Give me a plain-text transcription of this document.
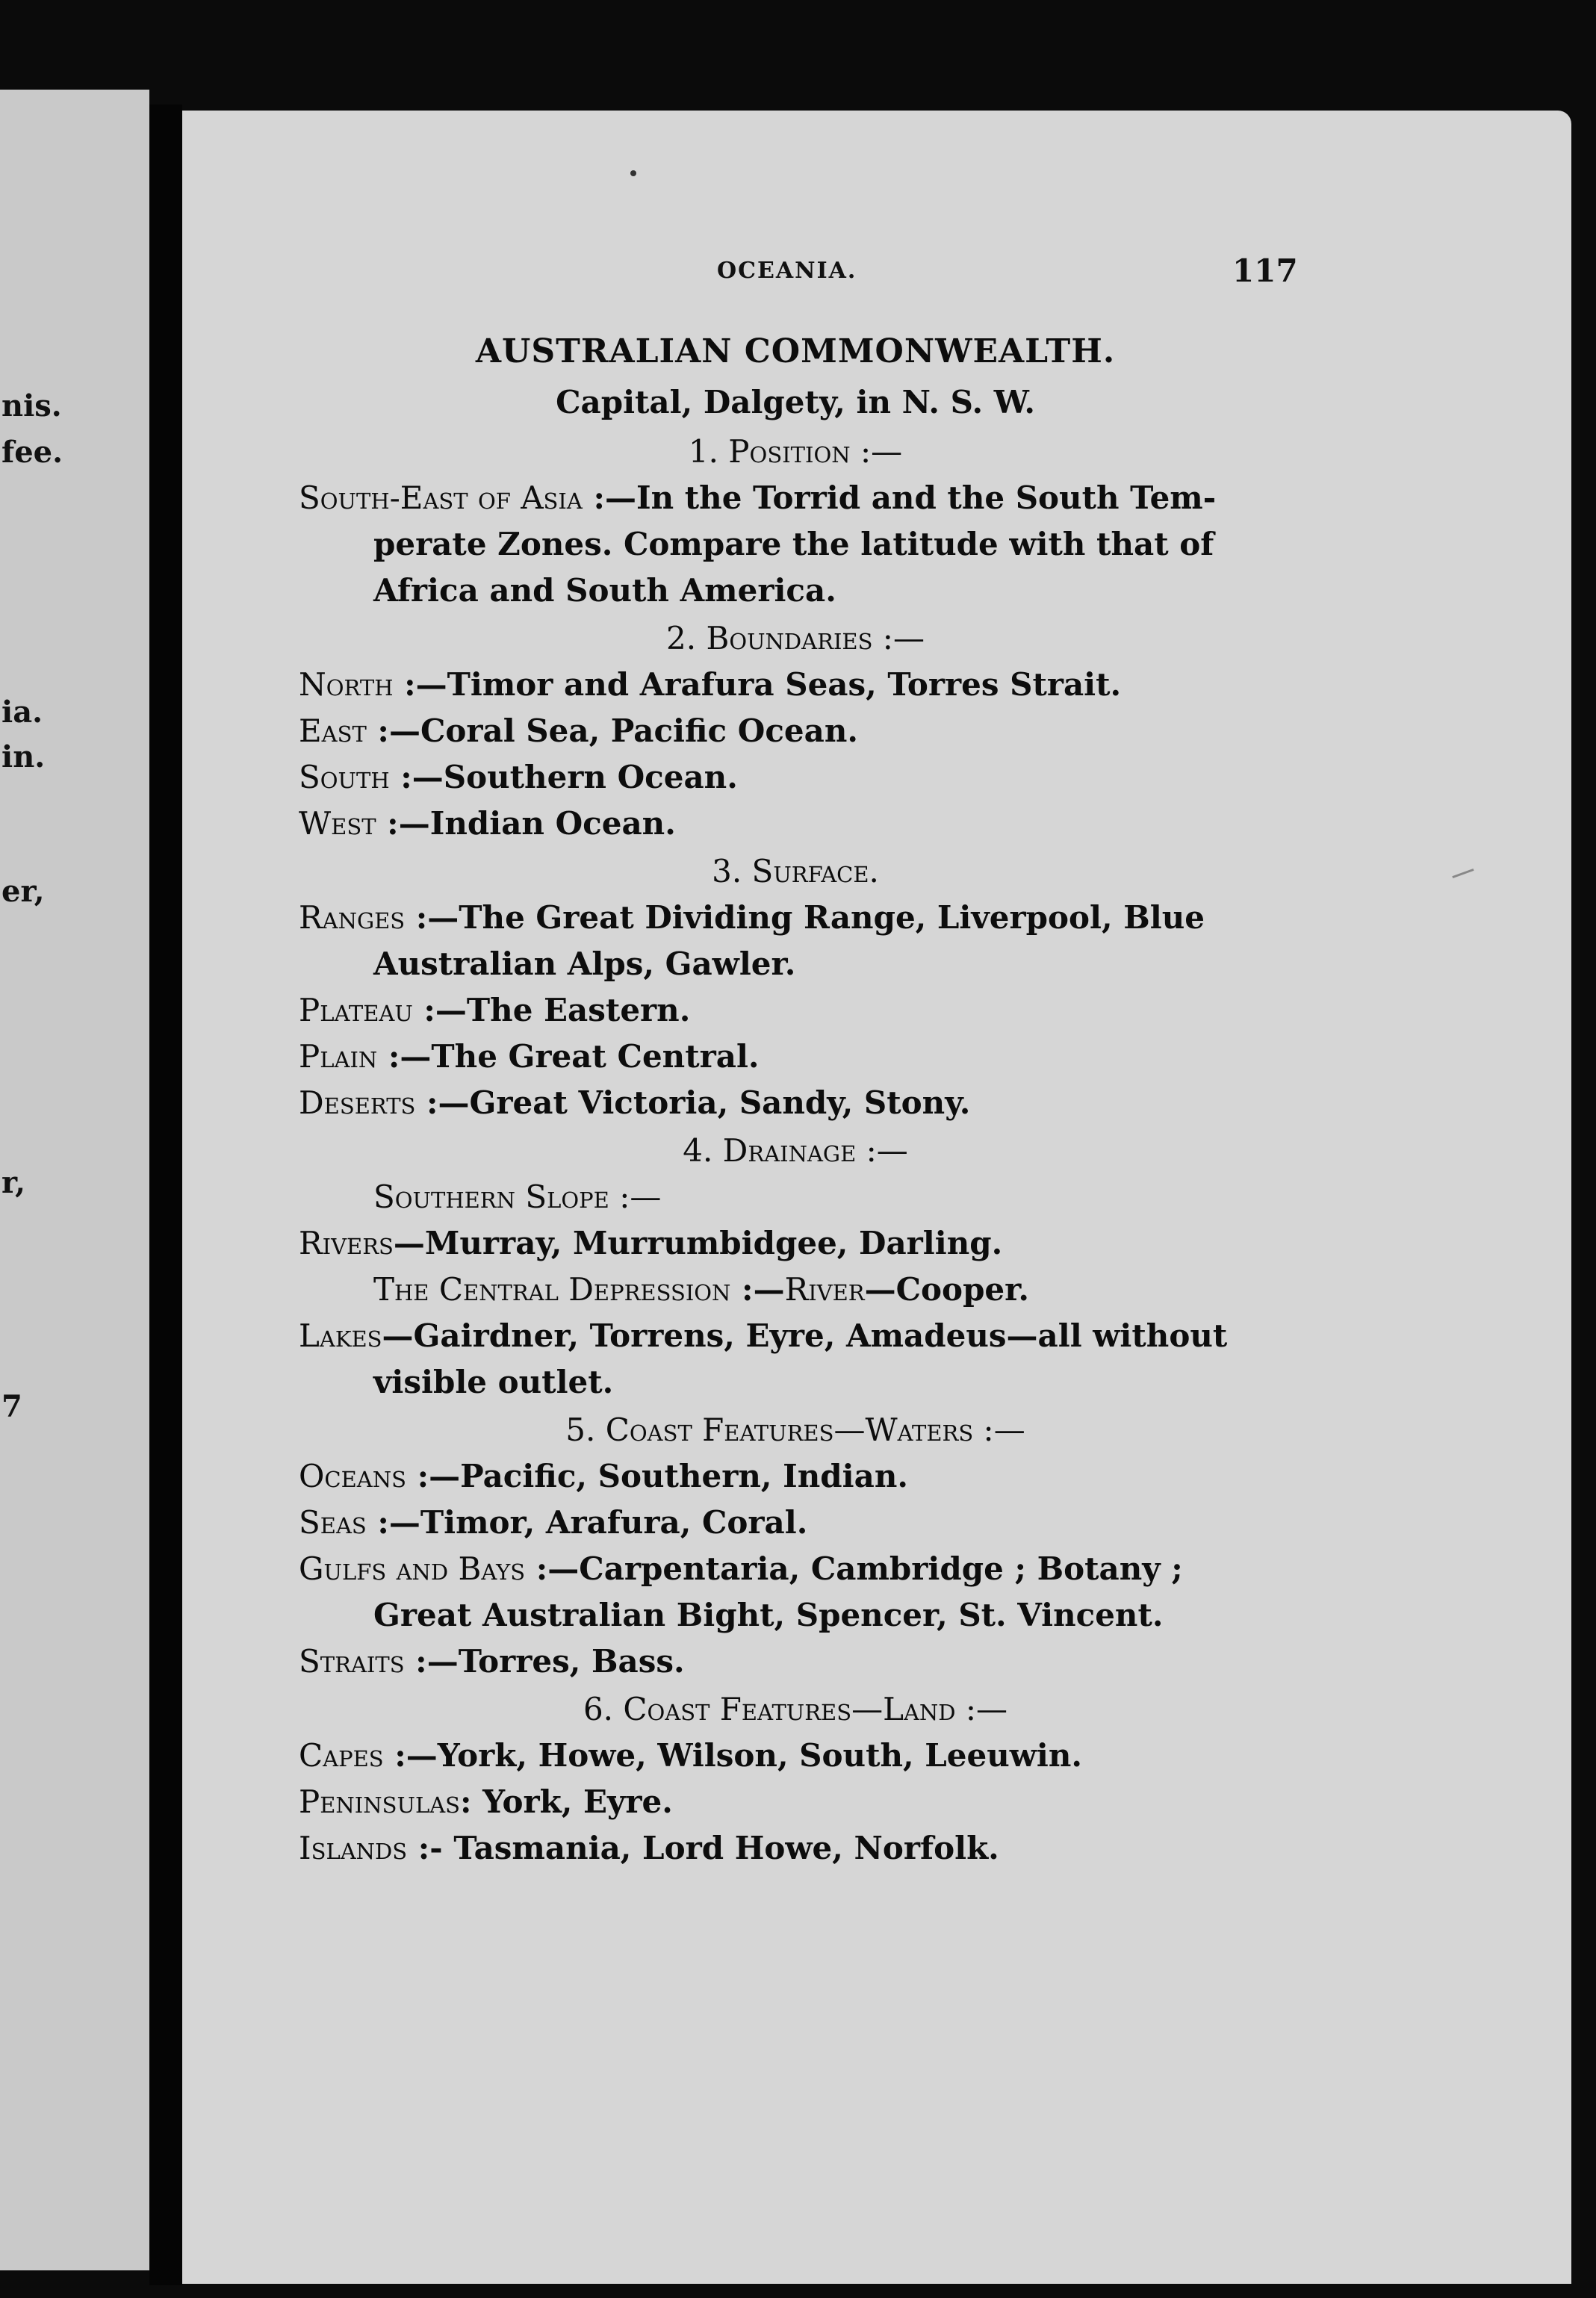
nis.
fee.
ia.
in.
er,
r,
7
OCEANIA.	117
AUSTRALIAN COMMONWEALTH.
Capital, Dalgety, in N. S. W.
1. Position :—
South-East of Asia :—In the Torrid and the South Tem-
perate Zones. Compare the latitude with that of
Africa and South America.
2. Boundaries :—
North :—Timor and Arafura Seas, Torres Strait.
East :—Coral Sea, Pacific Ocean.
South :—Southern Ocean.
West :—Indian Ocean.
3. Surface.
Ranges :—The Great Dividing Range, Liverpool, Blue
Australian Alps, Gawler.
Plateau :—The Eastern.
Plain :—The Great Central.
Deserts :—Great Victoria, Sandy, Stony.
4. Drainage :—
Southern Slope :—
Rivers—Murray, Murrumbidgee, Darling.
The Central Depression :—River—Cooper.
Lakes—Gairdner, Torrens, Eyre, Amadeus—all without
visible outlet.
5. Coast Features—Waters :—
Oceans :—Pacific, Southern, Indian.
Seas :—Timor, Arafura, Coral.
Gulfs and Bays :—Carpentaria, Cambridge ; Botany ;
Great Australian Bight, Spencer, St. Vincent.
Straits :—Torres, Bass.
6. Coast Features—Land :—
Capes :—York, Howe, Wilson, South, Leeuwin.
Peninsulas: York, Eyre.
Islands :- Tasmania, Lord Howe, Norfolk.
